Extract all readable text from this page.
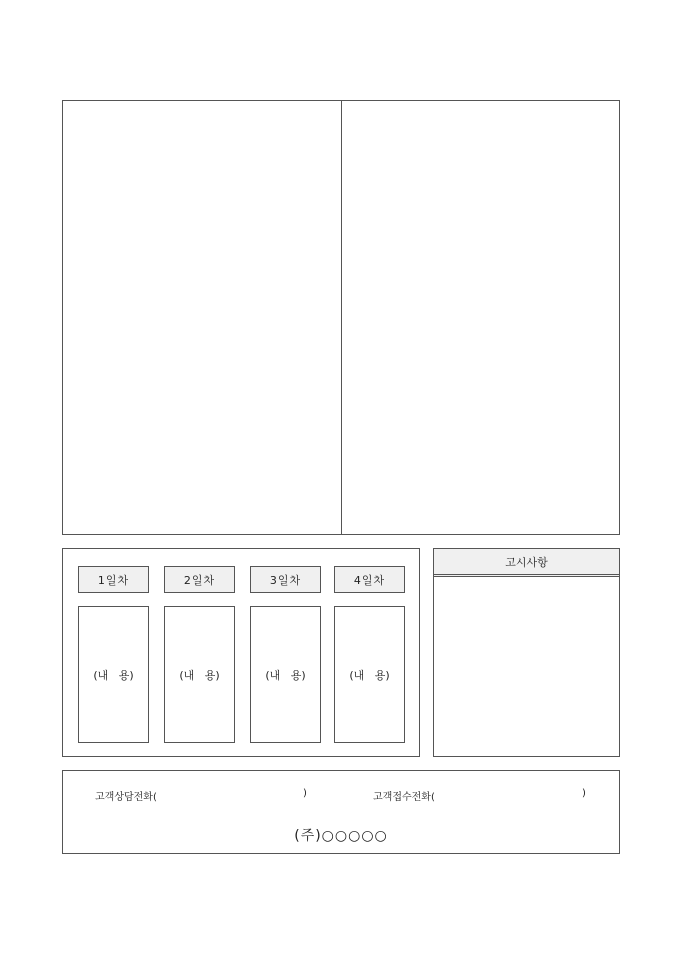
1일차	2일차	3일차	4일차
(내   용)	(내   용)	(내   용)	(내   용)
고시사항
고객상담전화(	)	고객접수전화(	)
(주)○○○○○
